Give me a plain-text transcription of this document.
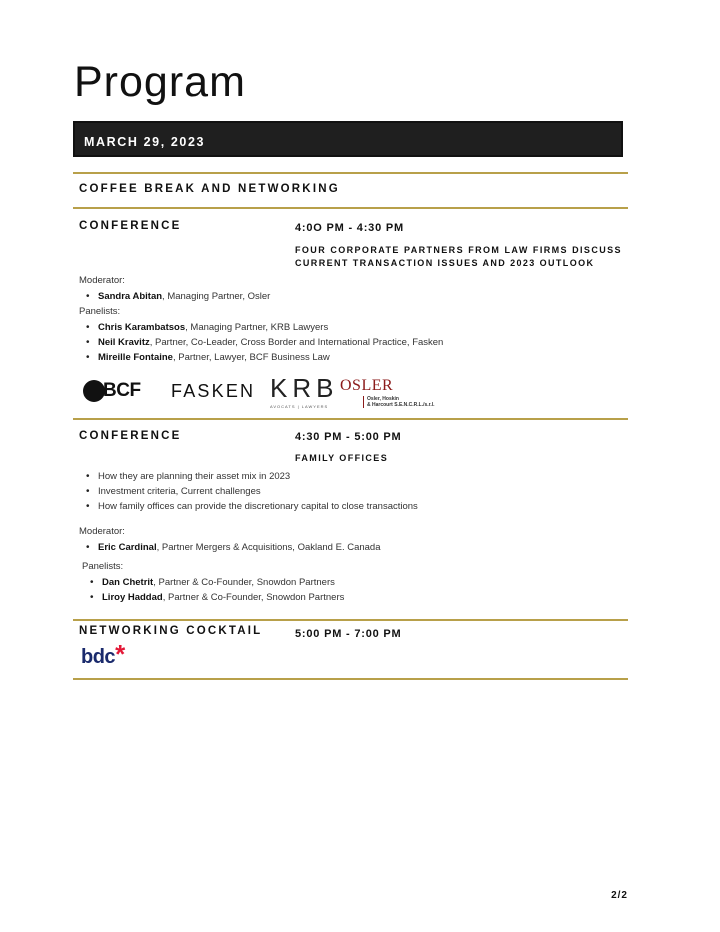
Program
MARCH 29, 2023
COFFEE BREAK AND NETWORKING
CONFERENCE	4:0O PM - 4:30 PM
FOUR CORPORATE PARTNERS FROM LAW FIRMS DISCUSS
CURRENT TRANSACTION ISSUES AND 2023 OUTLOOK
Moderator:
• Sandra Abitan, Managing Partner, Osler
Panelists:
• Chris Karambatsos, Managing Partner, KRB Lawyers
• Neil Kravitz, Partner, Co-Leader, Cross Border and International Practice, Fasken
• Mireille Fontaine, Partner, Lawyer, BCF Business Law
BCF FASKEN KRB
AVOCATS | LAWYERS
OSLER
Osler, Hoskin
& Harcourt S.E.N.C.R.L./s.r.l.
CONFERENCE	4:30 PM - 5:00 PM
FAMILY OFFICES
• How they are planning their asset mix in 2023
• Investment criteria, Current challenges
• How family offices can provide the discretionary capital to close transactions
Moderator:
• Eric Cardinal, Partner Mergers & Acquisitions, Oakland E. Canada
Panelists:
• Dan Chetrit, Partner & Co-Founder, Snowdon Partners
• Liroy Haddad, Partner & Co-Founder, Snowdon Partners
NETWORKING COCKTAIL	5:00 PM - 7:00 PM
bdc *
2/2
